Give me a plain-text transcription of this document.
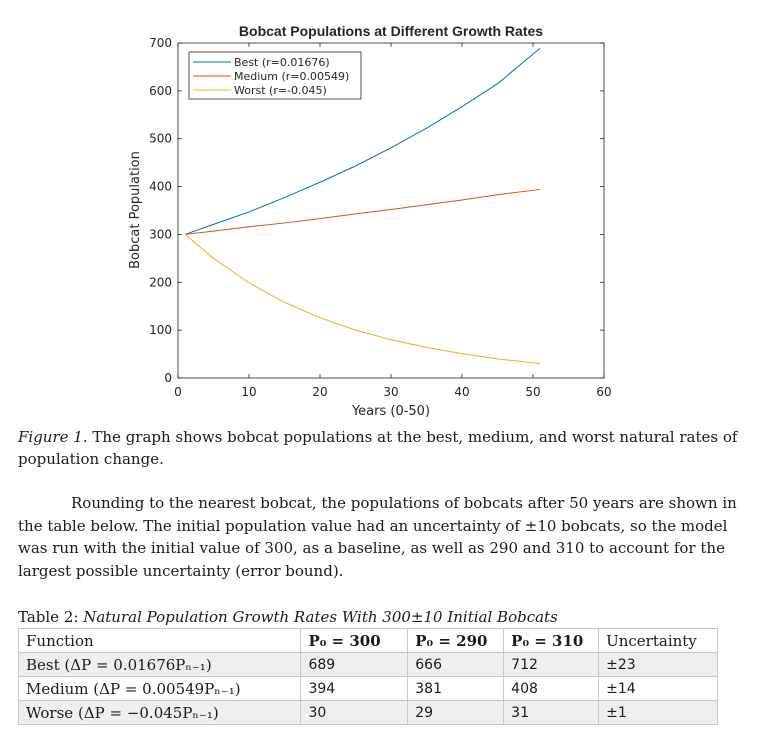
Bobcat Populations at Different Growth Rates
0	10	20	30	40	50	60
0
100
200
300
400
500
600
700
Years (0-50)
Bobcat Population
Best (r=0.01676)
Medium (r=0.00549)
Worst (r=-0.045)
Figure 1. The graph shows bobcat populations at the best, medium, and worst natural rates of population change.
Rounding to the nearest bobcat, the populations of bobcats after 50 years are shown in the table below. The initial population value had an uncertainty of ±10 bobcats, so the model was run with the initial value of 300, as a baseline, as well as 290 and 310 to account for the largest possible uncertainty (error bound).
Table 2: Natural Population Growth Rates With 300±10 Initial Bobcats
Function	P₀ = 300	P₀ = 290	P₀ = 310	Uncertainty
Best (ΔP = 0.01676Pₙ₋₁)	689	666	712	±23
Medium (ΔP = 0.00549Pₙ₋₁)	394	381	408	±14
Worse (ΔP = −0.045Pₙ₋₁)	30	29	31	±1
